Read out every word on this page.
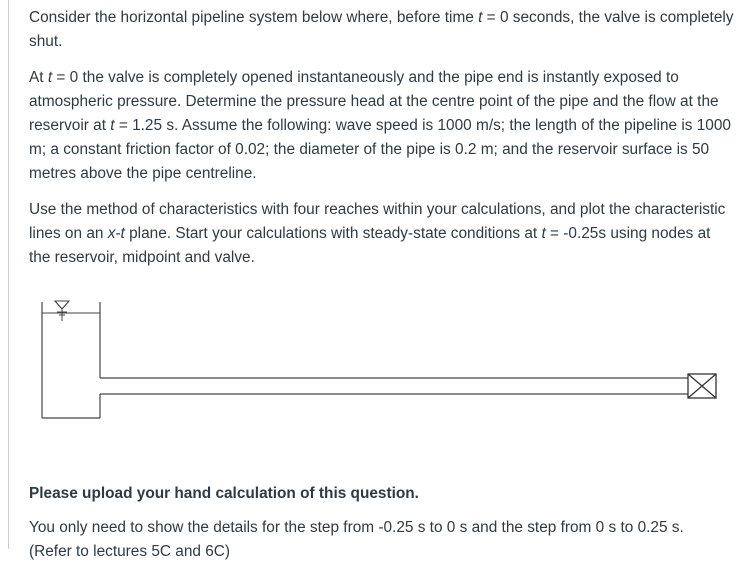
Consider the horizontal pipeline system below where, before time t = 0 seconds, the valve is completely shut.

At t = 0 the valve is completely opened instantaneously and the pipe end is instantly exposed to atmospheric pressure. Determine the pressure head at the centre point of the pipe and the flow at the reservoir at t = 1.25 s. Assume the following: wave speed is 1000 m/s; the length of the pipeline is 1000 m; a constant friction factor of 0.02; the diameter of the pipe is 0.2 m; and the reservoir surface is 50 metres above the pipe centreline.

Use the method of characteristics with four reaches within your calculations, and plot the characteristic lines on an x-t plane. Start your calculations with steady-state conditions at t = -0.25s using nodes at the reservoir, midpoint and valve.

Please upload your hand calculation of this question.

You only need to show the details for the step from -0.25 s to 0 s and the step from 0 s to 0.25 s.

(Refer to lectures 5C and 6C)
